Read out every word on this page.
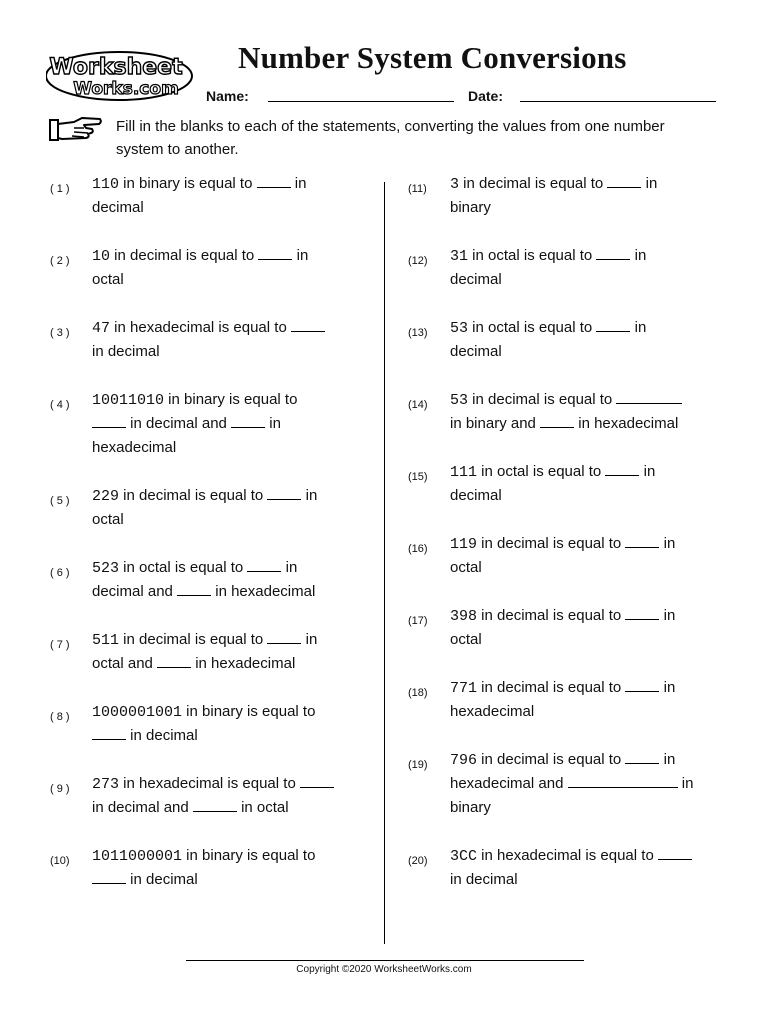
Worksheet
Works.com
Number System Conversions
Name:	Date:
Fill in the blanks to each of the statements, converting the values from one number system to another.
( 1 )	110 in binary is equal to  in
decimal
( 2 )	10 in decimal is equal to  in
octal
( 3 )	47 in hexadecimal is equal to
in decimal
( 4 )	10011010 in binary is equal to
in decimal and  in
hexadecimal
( 5 )	229 in decimal is equal to  in
octal
( 6 )	523 in octal is equal to  in
decimal and  in hexadecimal
( 7 )	511 in decimal is equal to  in
octal and  in hexadecimal
( 8 )	1000001001 in binary is equal to
in decimal
( 9 )	273 in hexadecimal is equal to
in decimal and	in octal
(10)	1011000001 in binary is equal to
in decimal
(11)	3 in decimal is equal to  in
binary
(12)	31 in octal is equal to  in
decimal
(13)	53 in octal is equal to  in
decimal
(14)	53 in decimal is equal to
in binary and  in hexadecimal
(15)	111 in octal is equal to  in
decimal
(16)	119 in decimal is equal to  in
octal
(17)	398 in decimal is equal to  in
octal
(18)	771 in decimal is equal to  in
hexadecimal
(19)	796 in decimal is equal to  in
hexadecimal and	in
binary
(20)	3CC in hexadecimal is equal to
in decimal
Copyright ©2020 WorksheetWorks.com
